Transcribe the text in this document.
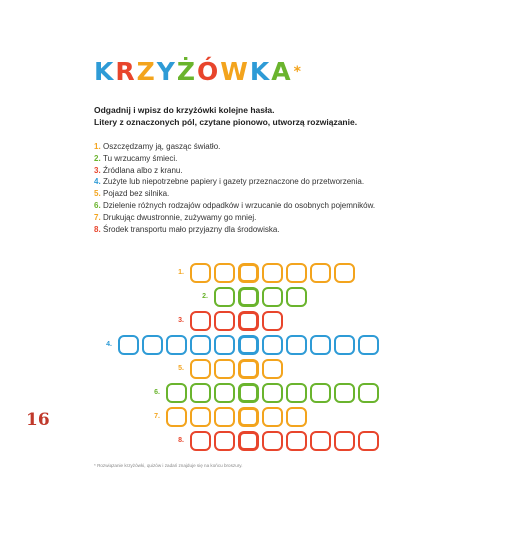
KRZYŻÓWKA*
Odgadnij i wpisz do krzyżówki kolejne hasła.
Litery z oznaczonych pól, czytane pionowo, utworzą rozwiązanie.
1. Oszczędzamy ją, gasząc światło.
2. Tu wrzucamy śmieci.
3. Źródlana albo z kranu.
4. Zużyte lub niepotrzebne papiery i gazety przeznaczone do przetworzenia.
5. Pojazd bez silnika.
6. Dzielenie różnych rodzajów odpadków i wrzucanie do osobnych pojemników.
7. Drukując dwustronnie, zużywamy go mniej.
8. Środek transportu mało przyjazny dla środowiska.
1.
2.
3.
4.
5.
6.
7.
8.
16
* Rozwiązanie krzyżówki, quizów i zadań znajduje się na końcu broszury.
